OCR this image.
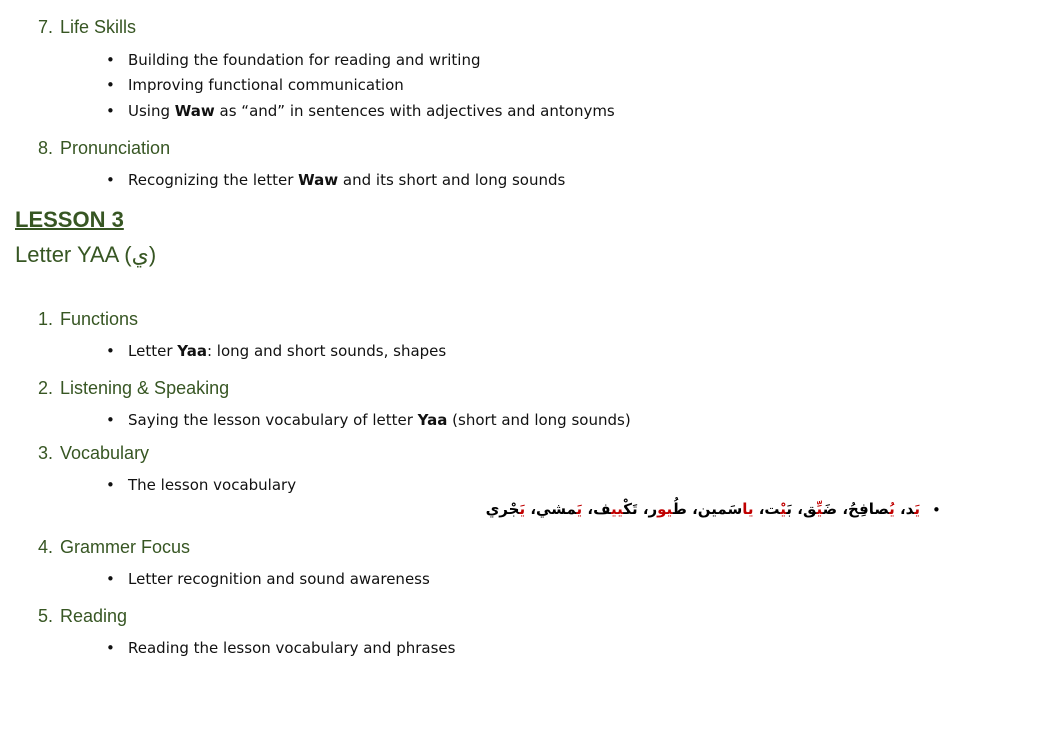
7. Life Skills
• Building the foundation for reading and writing
• Improving functional communication
• Using Waw as “and” in sentences with adjectives and antonyms
8. Pronunciation
• Recognizing the letter Waw and its short and long sounds
LESSON 3
Letter YAA (ي)
1. Functions
• Letter Yaa: long and short sounds, shapes
2. Listening & Speaking
• Saying the lesson vocabulary of letter Yaa (short and long sounds)
3. Vocabulary
• The lesson vocabulary
•
يَد، يُصافِحُ، ضَيِّق، بَيْت، ياسَمين، طُيور، تَكْييف، يَمشي، يَجْري
4. Grammer Focus
• Letter recognition and sound awareness
5. Reading
• Reading the lesson vocabulary and phrases
